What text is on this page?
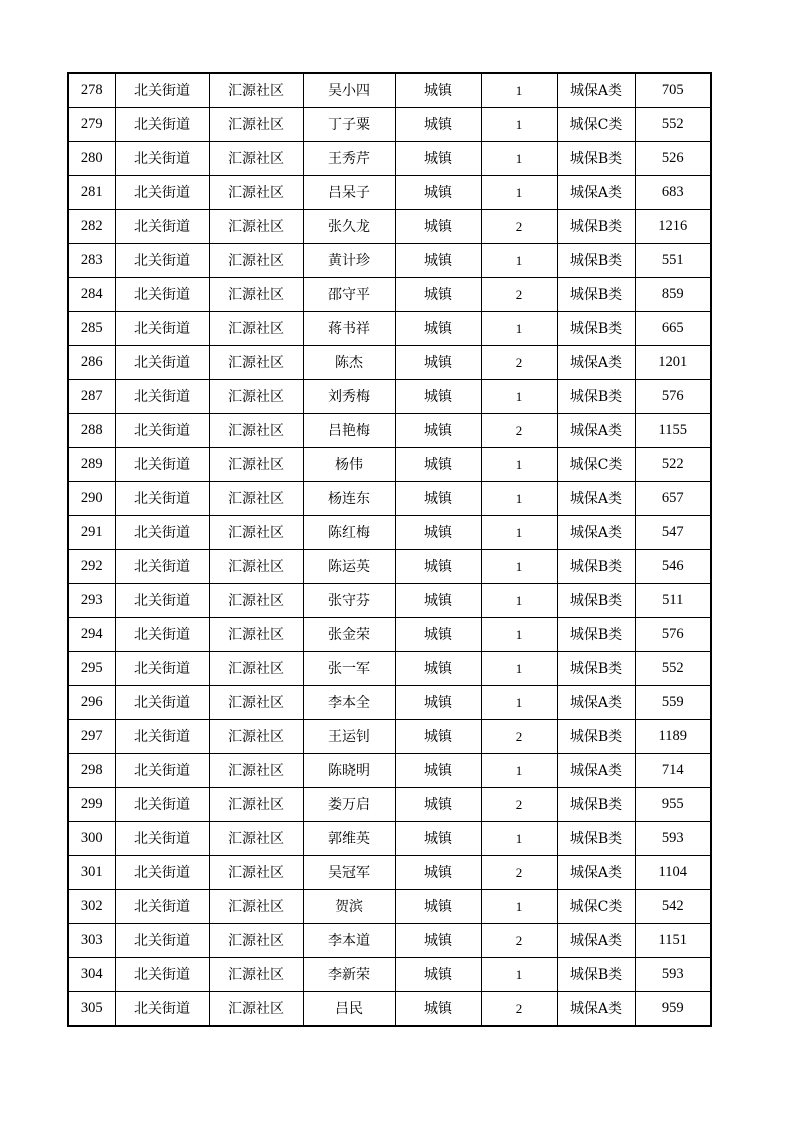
278	北关街道	汇源社区	吴小四	城镇	1	城保A类	705
279	北关街道	汇源社区	丁子粟	城镇	1	城保C类	552
280	北关街道	汇源社区	王秀芹	城镇	1	城保B类	526
281	北关街道	汇源社区	吕呆子	城镇	1	城保A类	683
282	北关街道	汇源社区	张久龙	城镇	2	城保B类	1216
283	北关街道	汇源社区	黄计珍	城镇	1	城保B类	551
284	北关街道	汇源社区	邵守平	城镇	2	城保B类	859
285	北关街道	汇源社区	蒋书祥	城镇	1	城保B类	665
286	北关街道	汇源社区	陈杰	城镇	2	城保A类	1201
287	北关街道	汇源社区	刘秀梅	城镇	1	城保B类	576
288	北关街道	汇源社区	吕艳梅	城镇	2	城保A类	1155
289	北关街道	汇源社区	杨伟	城镇	1	城保C类	522
290	北关街道	汇源社区	杨连东	城镇	1	城保A类	657
291	北关街道	汇源社区	陈红梅	城镇	1	城保A类	547
292	北关街道	汇源社区	陈运英	城镇	1	城保B类	546
293	北关街道	汇源社区	张守芬	城镇	1	城保B类	511
294	北关街道	汇源社区	张金荣	城镇	1	城保B类	576
295	北关街道	汇源社区	张一军	城镇	1	城保B类	552
296	北关街道	汇源社区	李本全	城镇	1	城保A类	559
297	北关街道	汇源社区	王运钊	城镇	2	城保B类	1189
298	北关街道	汇源社区	陈晓明	城镇	1	城保A类	714
299	北关街道	汇源社区	娄万启	城镇	2	城保B类	955
300	北关街道	汇源社区	郭维英	城镇	1	城保B类	593
301	北关街道	汇源社区	吴冠军	城镇	2	城保A类	1104
302	北关街道	汇源社区	贺滨	城镇	1	城保C类	542
303	北关街道	汇源社区	李本道	城镇	2	城保A类	1151
304	北关街道	汇源社区	李新荣	城镇	1	城保B类	593
305	北关街道	汇源社区	吕民	城镇	2	城保A类	959
